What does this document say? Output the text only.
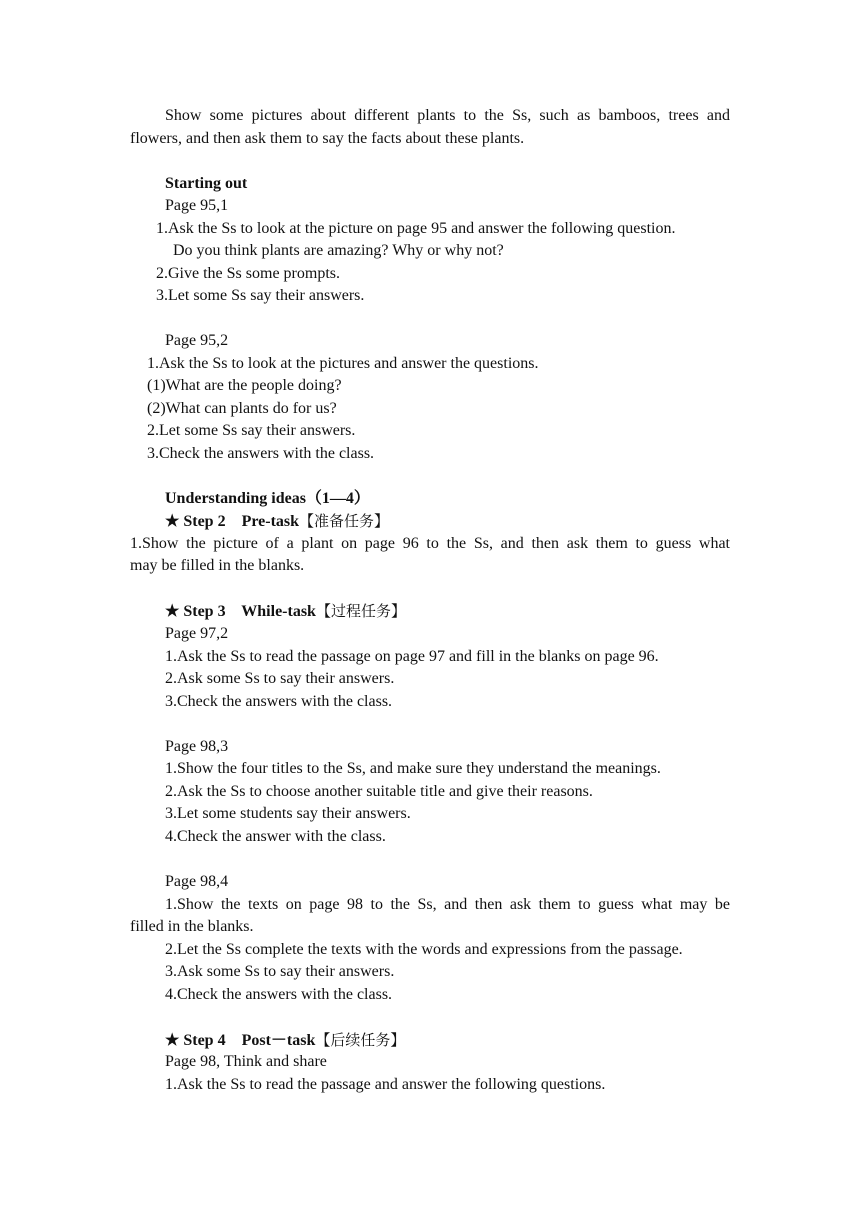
Show some pictures about different plants to the Ss, such as bamboos, trees and
flowers, and then ask them to say the facts about these plants.
Starting out
Page 95,1
1.Ask the Ss to look at the picture on page 95 and answer the following question.
Do you think plants are amazing? Why or why not?
2.Give the Ss some prompts.
3.Let some Ss say their answers.
Page 95,2
1.Ask the Ss to look at the pictures and answer the questions.
(1)What are the people doing?
(2)What can plants do for us?
2.Let some Ss say their answers.
3.Check the answers with the class.
Understanding ideas（1—4）
★ Step 2    Pre-task【准备任务】
1.Show the picture of a plant on page 96 to the Ss, and then ask them to guess what
may be filled in the blanks.
★ Step 3    While-task【过程任务】
Page 97,2
1.Ask the Ss to read the passage on page 97 and fill in the blanks on page 96.
2.Ask some Ss to say their answers.
3.Check the answers with the class.
Page 98,3
1.Show the four titles to the Ss, and make sure they understand the meanings.
2.Ask the Ss to choose another suitable title and give their reasons.
3.Let some students say their answers.
4.Check the answer with the class.
Page 98,4
1.Show the texts on page 98 to the Ss, and then ask them to guess what may be
filled in the blanks.
2.Let the Ss complete the texts with the words and expressions from the passage.
3.Ask some Ss to say their answers.
4.Check the answers with the class.
★ Step 4    Post－task【后续任务】
Page 98, Think and share
1.Ask the Ss to read the passage and answer the following questions.
